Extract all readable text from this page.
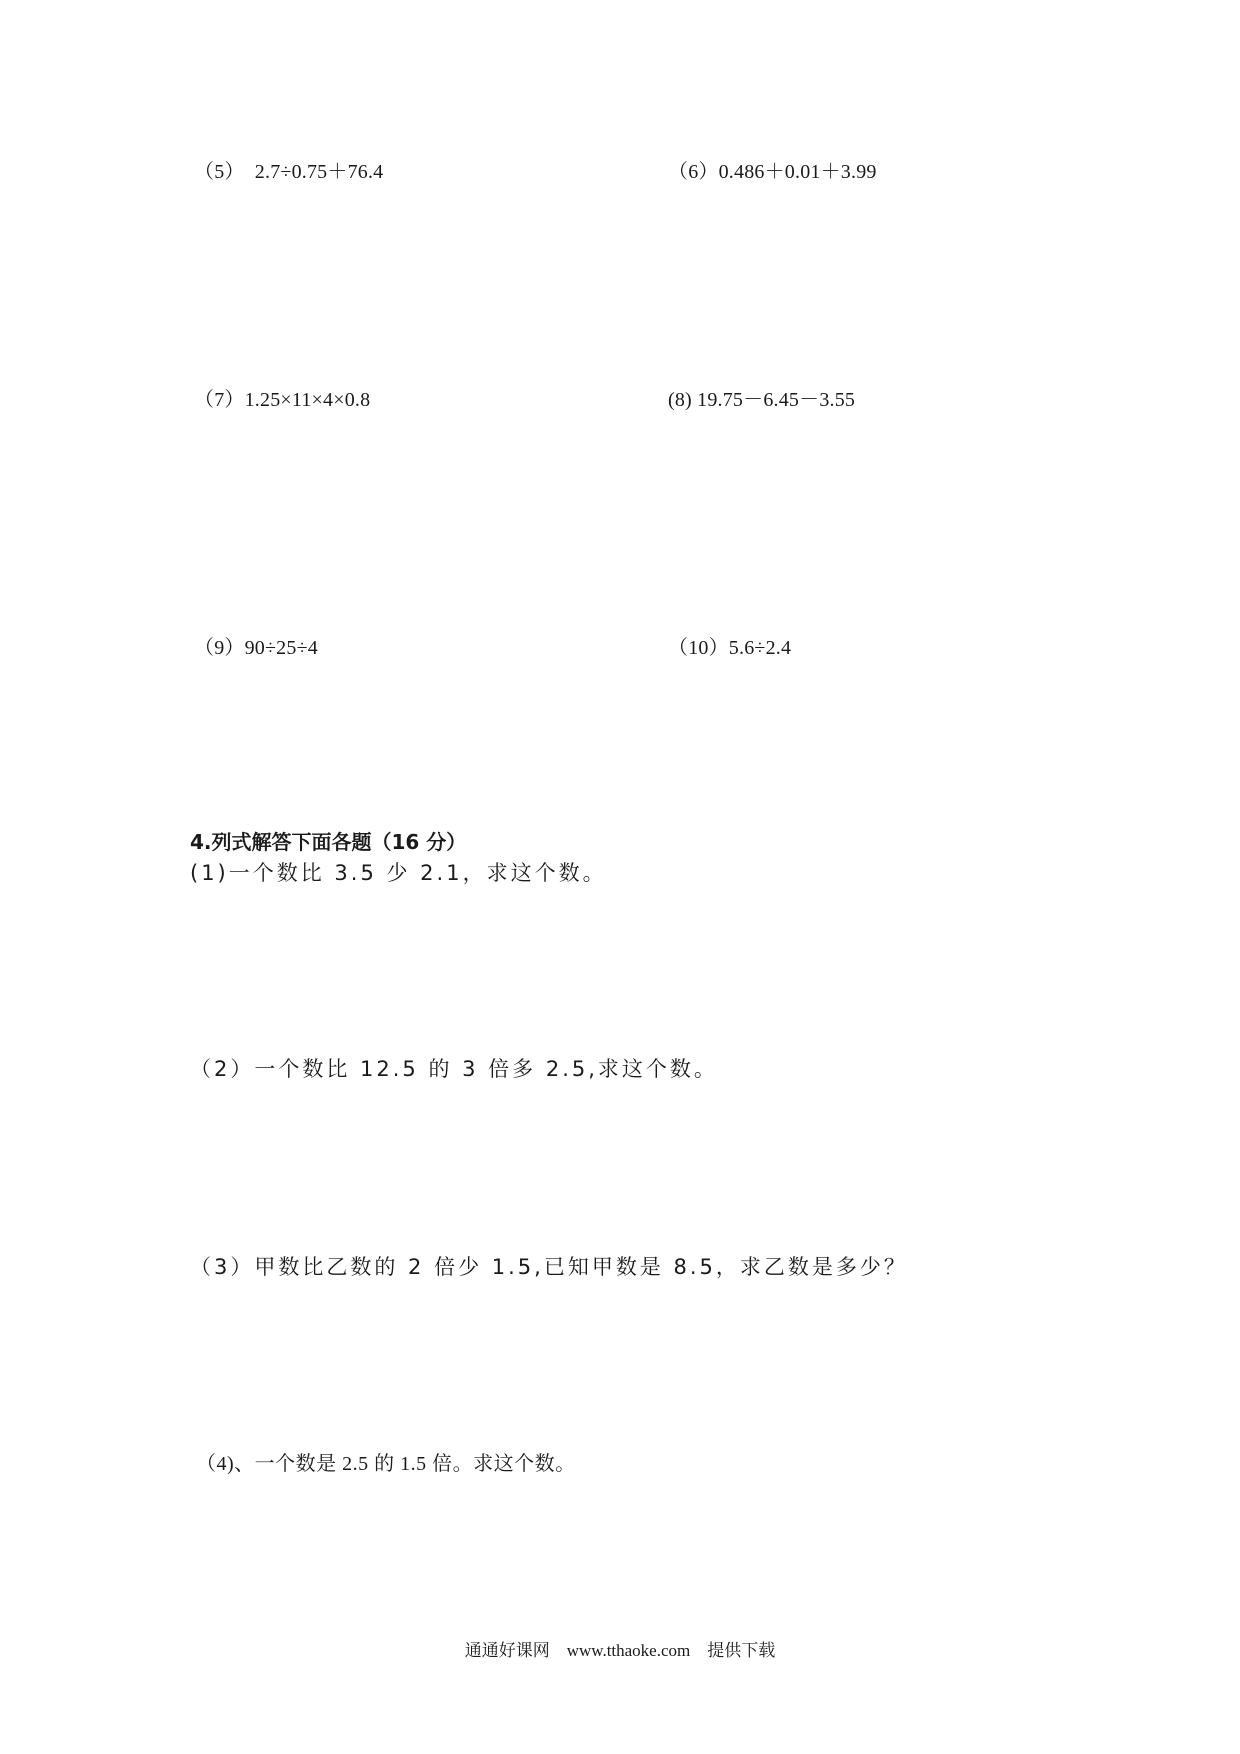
（5）　2.7÷0.75＋76.4	（6）0.486＋0.01＋3.99
（7）1.25×11×4×0.8	(8) 19.75－6.45－3.55
（9）90÷25÷4	（10）5.6÷2.4
4.列式解答下面各题（16 分）
(1)一个数比 3.5 少 2.1，求这个数。
（2）一个数比 12.5 的 3 倍多 2.5,求这个数。
（3）甲数比乙数的 2 倍少 1.5,已知甲数是 8.5，求乙数是多少？
（4)、一个数是 2.5 的 1.5 倍。求这个数。
通通好课网　www.tthaoke.com　提供下载
